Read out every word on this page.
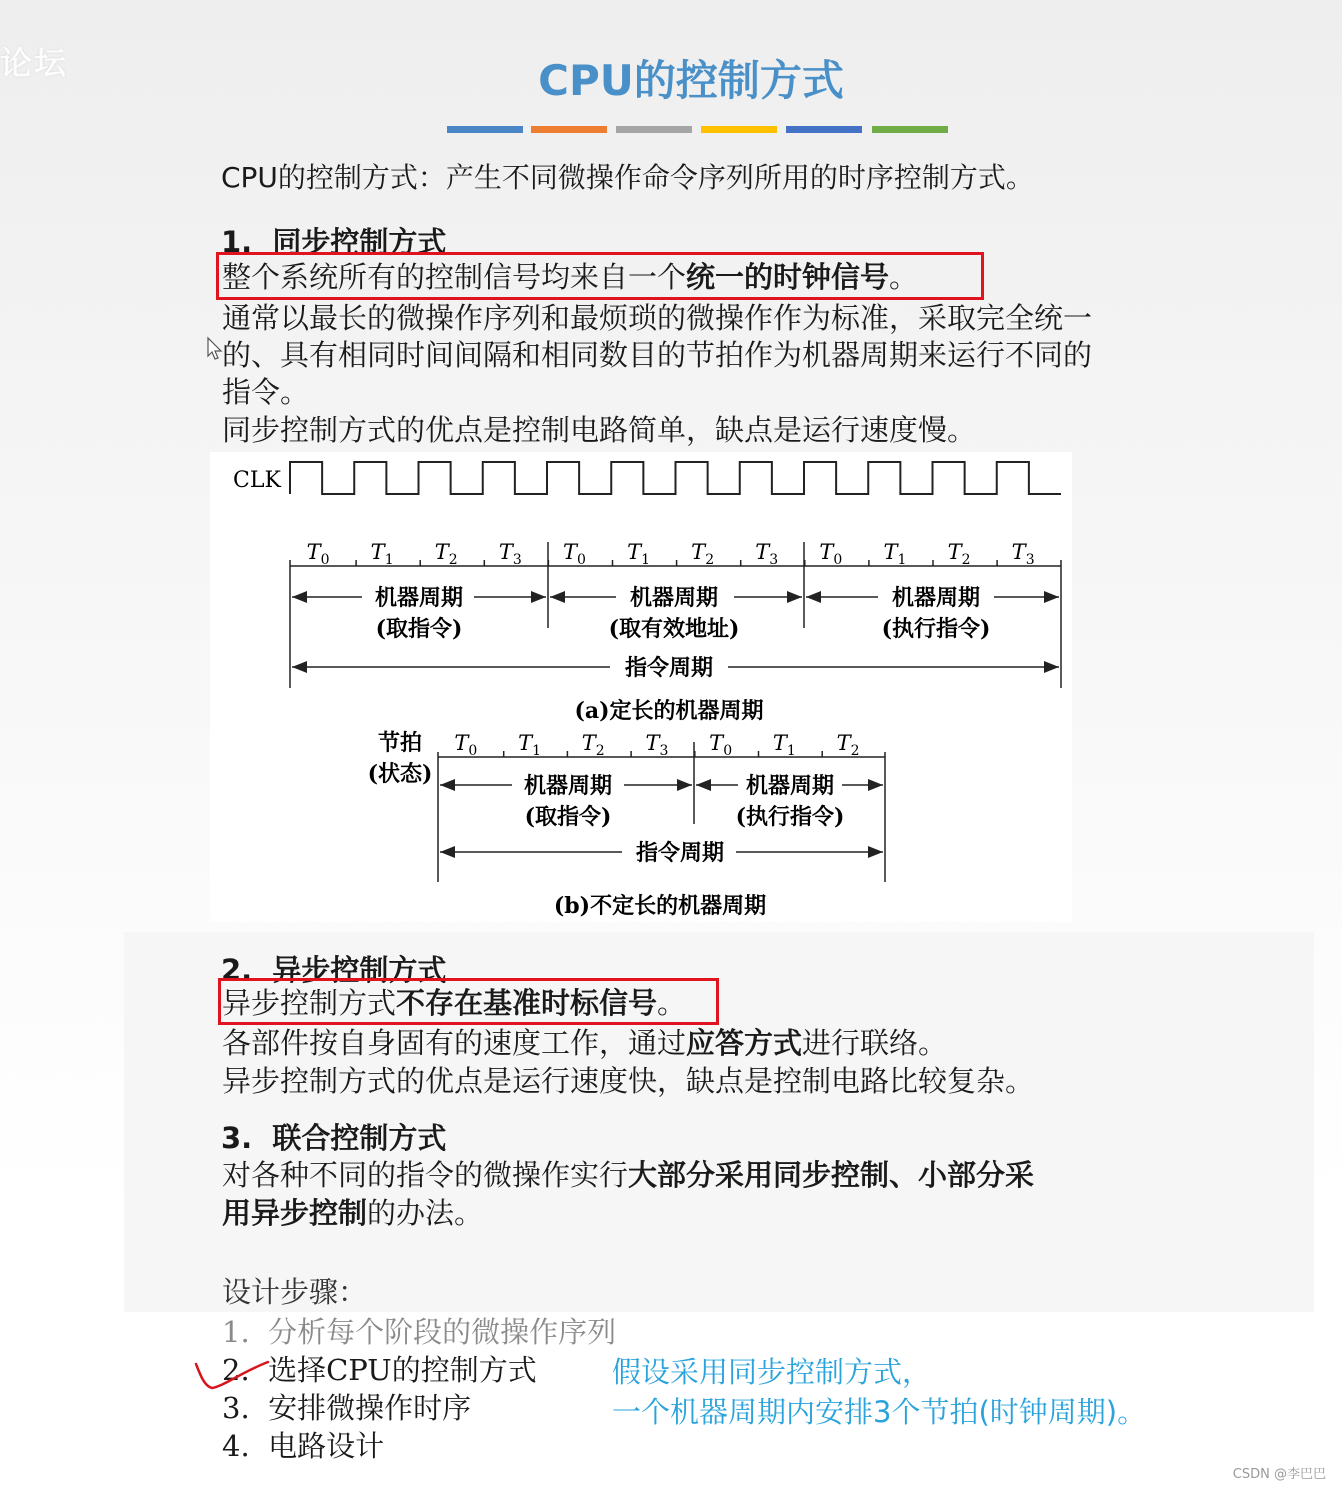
论坛	CPU的控制方式
CPU的控制方式：产生不同微操作命令序列所用的时序控制方式。
1. 同步控制方式
整个系统所有的控制信号均来自一个统一的时钟信号。
通常以最长的微操作序列和最烦琐的微操作作为标准，采取完全统一
的、具有相同时间间隔和相同数目的节拍作为机器周期来运行不同的
指令。
同步控制方式的优点是控制电路简单，缺点是运行速度慢。
CLK
$T_0$ $T_1$ $T_2$ $T_3$ $T_0$ $T_1$ $T_2$ $T_3$ $T_0$ $T_1$ $T_2$ $T_3$
机器周期
(取指令)
机器周期
(取有效地址)
机器周期
(执行指令)
指令周期
(a)定长的机器周期
节拍
(状态)
$T_0$ $T_1$ $T_2$ $T_3$ $T_0$ $T_1$ $T_2$
机器周期
(取指令)
机器周期
(执行指令)
指令周期
(b)不定长的机器周期
2. 异步控制方式
异步控制方式不存在基准时标信号。
各部件按自身固有的速度工作，通过应答方式进行联络。
异步控制方式的优点是运行速度快，缺点是控制电路比较复杂。
3. 联合控制方式
对各种不同的指令的微操作实行大部分采用同步控制、小部分采
用异步控制的办法。
设计步骤：
1. 分析每个阶段的微操作序列
2. 选择CPU的控制方式
3. 安排微操作时序
4. 电路设计
假设采用同步控制方式，
一个机器周期内安排3个节拍(时钟周期)。
CSDN @李巴巴
